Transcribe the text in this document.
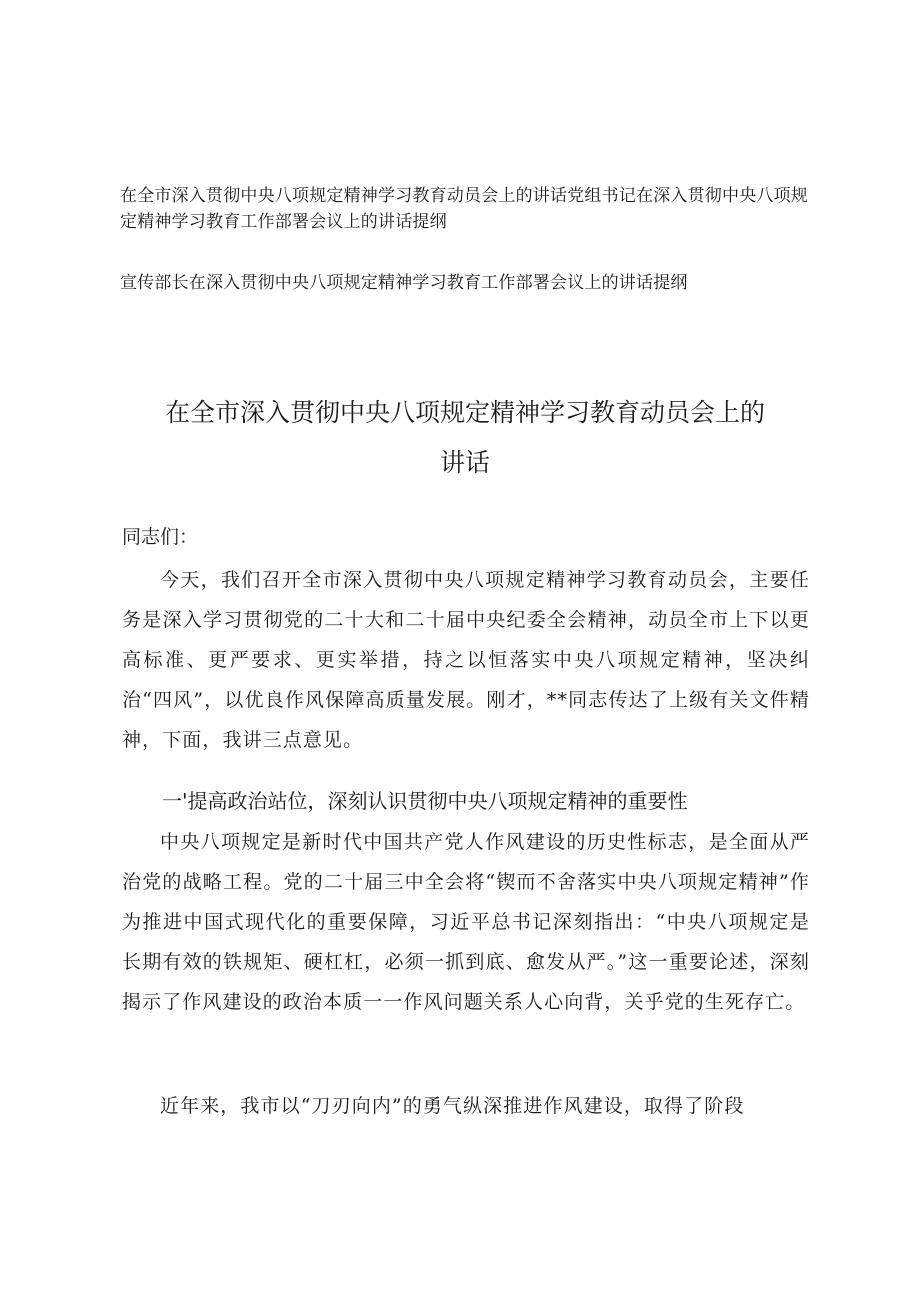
在全市深入贯彻中央八项规定精神学习教育动员会上的讲话党组书记在深入贯彻中央八项规定精神学习教育工作部署会议上的讲话提纲

宣传部长在深入贯彻中央八项规定精神学习教育工作部署会议上的讲话提纲

在全市深入贯彻中央八项规定精神学习教育动员会上的
讲话

同志们：

今天，我们召开全市深入贯彻中央八项规定精神学习教育动员会，主要任务是深入学习贯彻党的二十大和二十届中央纪委全会精神，动员全市上下以更高标准、更严要求、更实举措，持之以恒落实中央八项规定精神，坚决纠治“四风”，以优良作风保障高质量发展。刚才，**同志传达了上级有关文件精神，下面，我讲三点意见。

一'提高政治站位，深刻认识贯彻中央八项规定精神的重要性

中央八项规定是新时代中国共产党人作风建设的历史性标志，是全面从严治党的战略工程。党的二十届三中全会将“锲而不舍落实中央八项规定精神”作为推进中国式现代化的重要保障，习近平总书记深刻指出：“中央八项规定是长期有效的铁规矩、硬杠杠，必须一抓到底、愈发从严。”这一重要论述，深刻揭示了作风建设的政治本质一一作风问题关系人心向背，关乎党的生死存亡。

近年来，我市以“刀刃向内”的勇气纵深推进作风建设，取得了阶段
